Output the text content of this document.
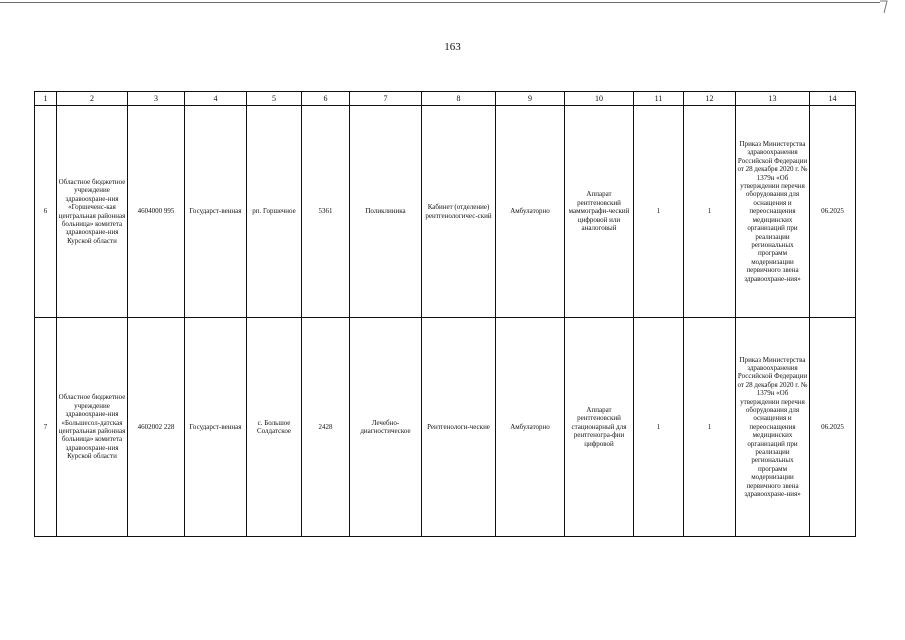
163
1	2	3	4	5	6	7	8	9	10	11	12	13	14
6	Областное бюджетное учреждение здравоохране-ния «Горшеченс-кая центральная районная больница» комитета здравоохране-ния Курской области	4604000 995	Государст-венная	рп. Горшечное	5361	Поликлиника	Кабинет (отделение) рентгенологичес-ский	Амбулаторно	Аппарат рентгеновский маммографи-ческий цифровой или аналоговый	1	1	Приказ Министерства здравоохранения Российской Федерации от 28 декабря 2020 г. № 1379н «Об утверждении перечня оборудования для оснащения и переоснащения медицинских организаций при реализации региональных программ модернизации первичного звена здравоохране-ния»	06.2025
7	Областное бюджетное учреждение здравоохране-ния «Большесол-датская центральная районная больница» комитета здравоохране-ния Курской области	4602002 228	Государст-венная	с. Большое Солдатское	2428	Лечебно-диагностическое	Рентгенологи-ческие	Амбулаторно	Аппарат рентгеновский стационарный для рентгеногра-фии цифровой	1	1	Приказ Министерства здравоохранения Российской Федерации от 28 декабря 2020 г. № 1379н «Об утверждении перечня оборудования для оснащения и переоснащения медицинских организаций при реализации региональных программ модернизации первичного звена здравоохране-ния»	06.2025
